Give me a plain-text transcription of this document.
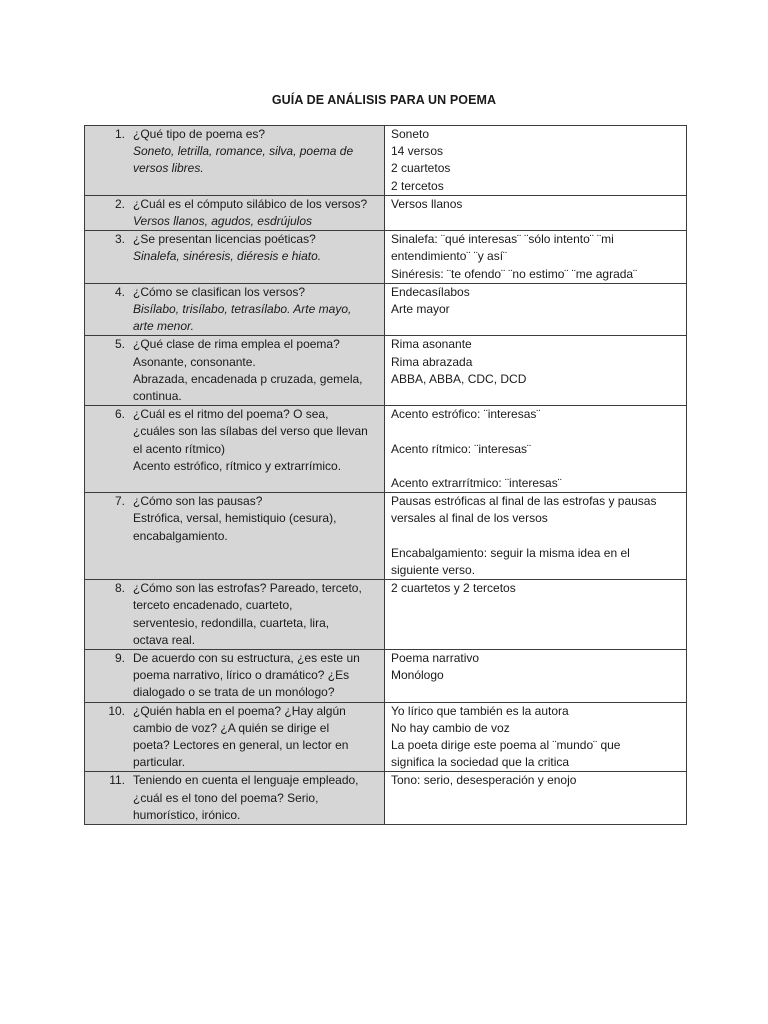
GUÍA DE ANÁLISIS PARA UN POEMA
1. ¿Qué tipo de poema es?
Soneto, letrilla, romance, silva, poema de
versos libres.	Soneto
14 versos
2 cuartetos
2 tercetos

2. ¿Cuál es el cómputo silábico de los versos?
Versos llanos, agudos, esdrújulos	Versos llanos

3. ¿Se presentan licencias poéticas?
Sinalefa, sinéresis, diéresis e hiato.	Sinalefa: ¨qué interesas¨ ¨sólo intento¨ ¨mi
entendimiento¨ ¨y así¨
Sinéresis: ¨te ofendo¨ ¨no estimo¨ ¨me agrada¨

4. ¿Cómo se clasifican los versos?
Bisílabo, trisílabo, tetrasílabo. Arte mayo,
arte menor.	Endecasílabos
Arte mayor

5. ¿Qué clase de rima emplea el poema?
Asonante, consonante.
Abrazada, encadenada p cruzada, gemela,
continua.	Rima asonante
Rima abrazada
ABBA, ABBA, CDC, DCD

6. ¿Cuál es el ritmo del poema? O sea,
¿cuáles son las sílabas del verso que llevan
el acento rítmico)
Acento estrófico, rítmico y extrarrímico.	Acento estrófico: ¨interesas¨
Acento rítmico: ¨interesas¨
Acento extrarrítmico: ¨interesas¨

7. ¿Cómo son las pausas?
Estrófica, versal, hemistiquio (cesura),
encabalgamiento.	Pausas estróficas al final de las estrofas y pausas
versales al final de los versos
Encabalgamiento: seguir la misma idea en el
siguiente verso.

8. ¿Cómo son las estrofas? Pareado, terceto,
terceto encadenado, cuarteto,
serventesio, redondilla, cuarteta, lira,
octava real.	2 cuartetos y 2 tercetos

9. De acuerdo con su estructura, ¿es este un
poema narrativo, lírico o dramático? ¿Es
dialogado o se trata de un monólogo?	Poema narrativo
Monólogo

10. ¿Quién habla en el poema? ¿Hay algún
cambio de voz? ¿A quién se dirige el
poeta? Lectores en general, un lector en
particular.	Yo lírico que también es la autora
No hay cambio de voz
La poeta dirige este poema al ¨mundo¨ que
significa la sociedad que la critica

11. Teniendo en cuenta el lenguaje empleado,
¿cuál es el tono del poema? Serio,
humorístico, irónico.	Tono: serio, desesperación y enojo
